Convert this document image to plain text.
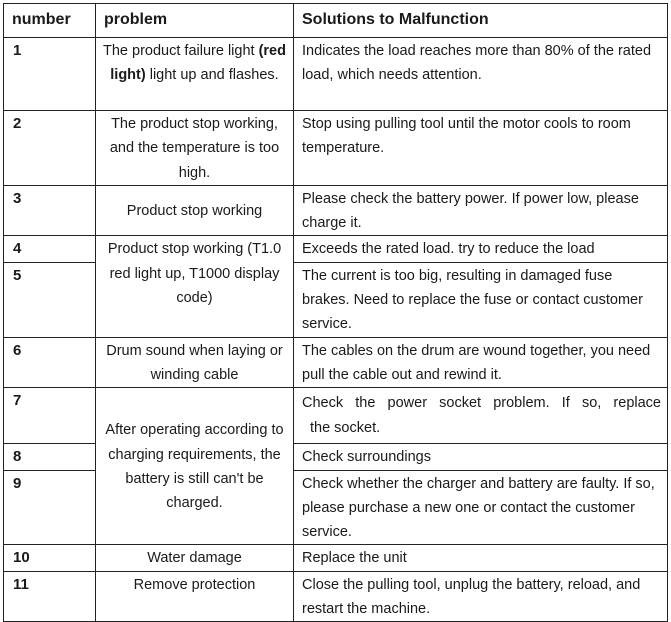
number	problem	Solutions to Malfunction
1	The product failure light (red light) light up and flashes.	Indicates the load reaches more than 80% of the rated load, which needs attention.
2	The product stop working, and the temperature is too high.	Stop using pulling tool until the motor cools to room temperature.
3	Product stop working	Please check the battery power. If power low, please charge it.
4	Product stop working (T1.0 red light up, T1000 display code)	Exceeds the rated load. try to reduce the load
5		The current is too big, resulting in damaged fuse brakes. Need to replace the fuse or contact customer service.
6	Drum sound when laying or winding cable	The cables on the drum are wound together, you need pull the cable out and rewind it.
7	After operating according to charging requirements, the battery is still can't be charged.	Check the power socket problem. If so, replace
the socket.

8		Check surroundings
9		Check whether the charger and battery are faulty. If so, please purchase a new one or contact the customer service.
10	Water damage	Replace the unit
11	Remove protection	Close the pulling tool, unplug the battery, reload, and restart the machine.
